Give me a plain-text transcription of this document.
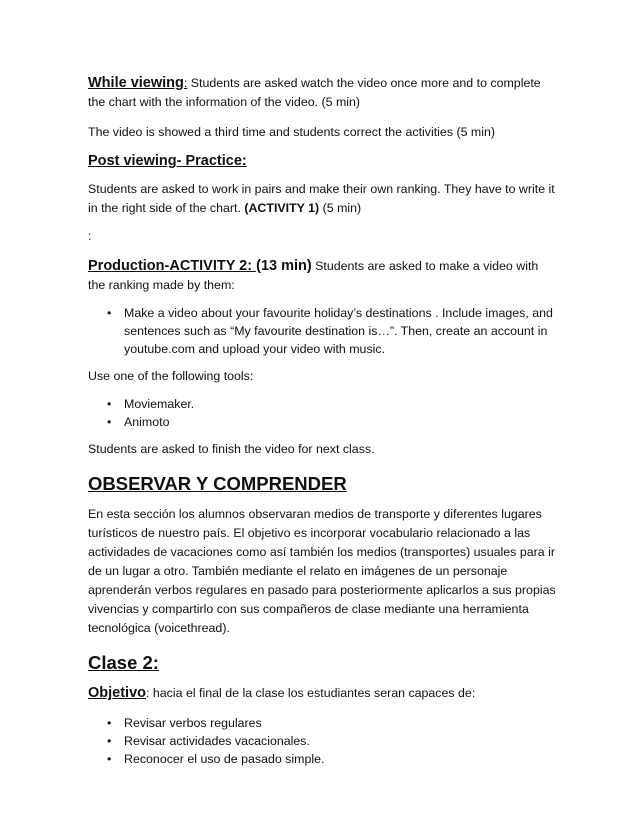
While viewing: Students are asked watch the video once more and to complete the chart with the information of the video. (5 min)

The video is showed a third time and students correct the activities (5 min)

Post viewing- Practice:

Students are asked to work in pairs and make their own ranking. They have to write it in the right side of the chart. (ACTIVITY 1) (5 min)

:

Production-ACTIVITY 2: (13 min) Students are asked to make a video with the ranking made by them:

• Make a video about your favourite holiday’s destinations . Include images, and sentences such as “My favourite destination is…”. Then, create an account in youtube.com and upload your video with music.

Use one of the following tools:

• Moviemaker.
• Animoto

Students are asked to finish the video for next class.

OBSERVAR Y COMPRENDER

En esta sección los alumnos observaran medios de transporte y diferentes lugares turísticos de nuestro país. El objetivo es incorporar vocabulario relacionado a las actividades de vacaciones como así también los medios (transportes) usuales para ir de un lugar a otro. También mediante el relato en imágenes de un personaje aprenderán verbos regulares en pasado para posteriormente aplicarlos a sus propias vivencias y compartirlo con sus compañeros de clase mediante una herramienta tecnológica (voicethread).

Clase 2:

Objetivo: hacia el final de la clase los estudiantes seran capaces de:

• Revisar verbos regulares
• Revisar actividades vacacionales.
• Reconocer el uso de pasado simple.
